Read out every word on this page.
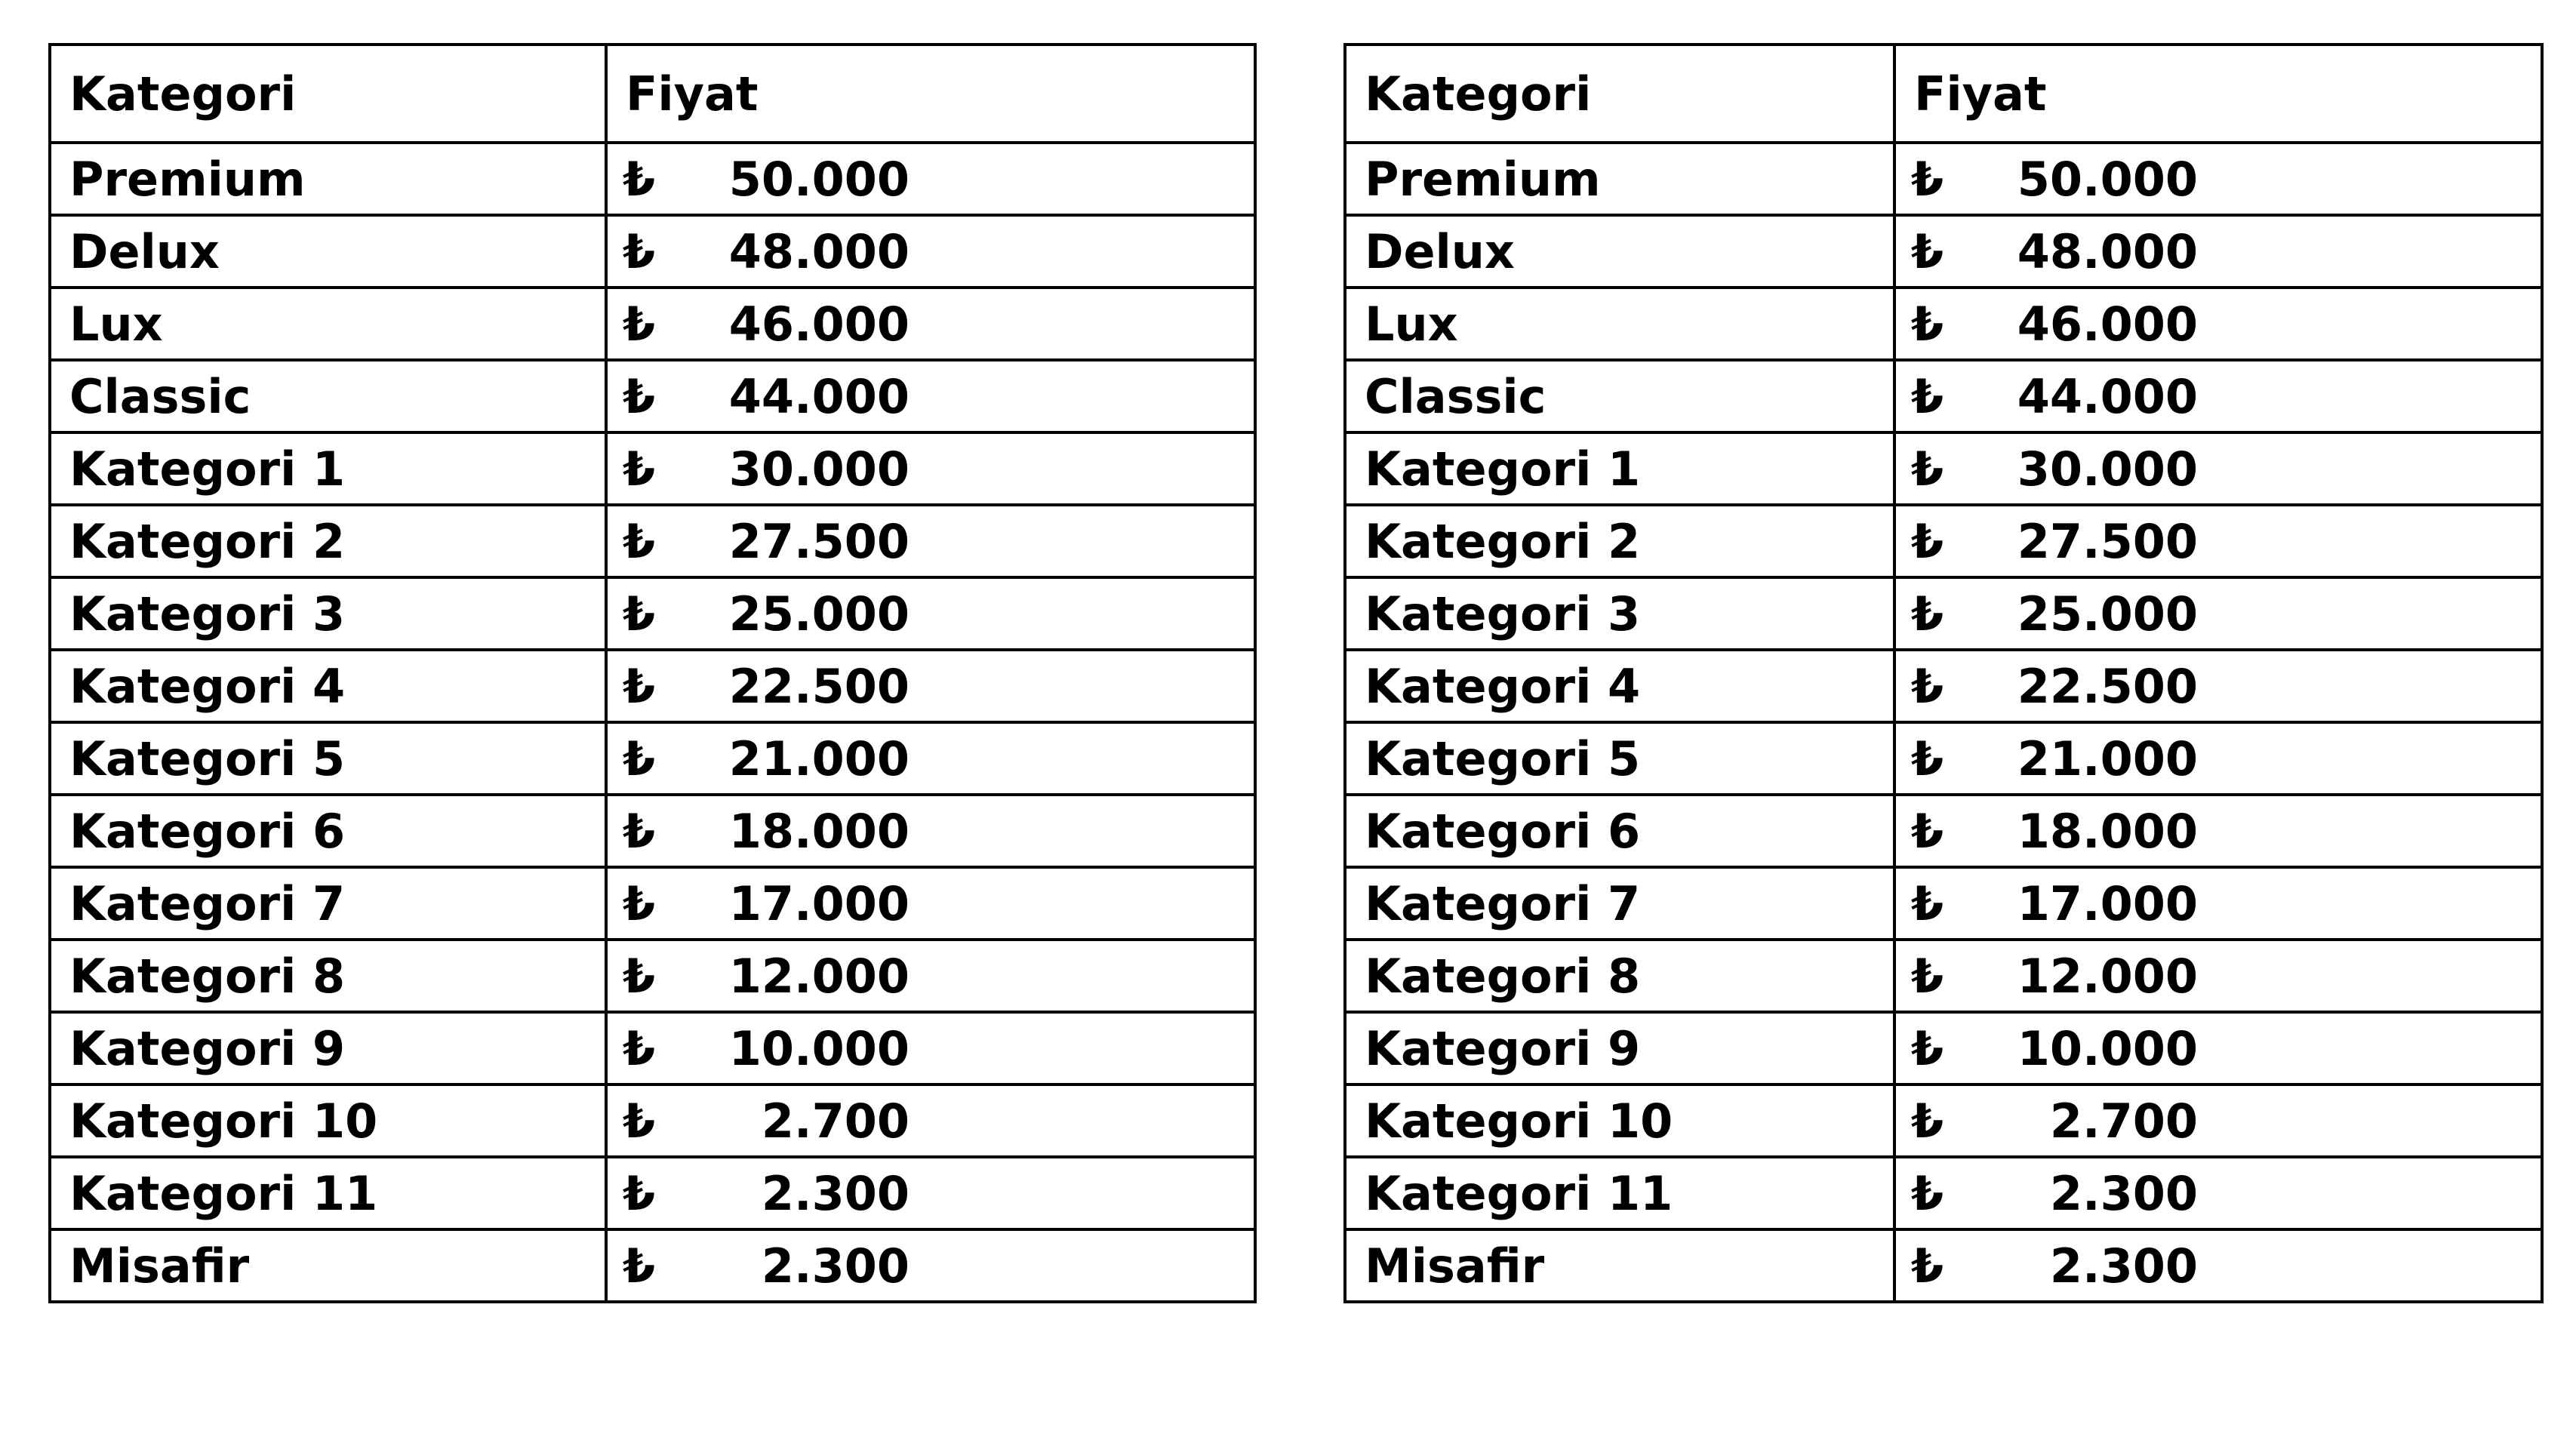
Kategori	Fiyat
Premium	₺ 50.000
Delux	₺ 48.000
Lux	₺ 46.000
Classic	₺ 44.000
Kategori 1	₺ 30.000
Kategori 2	₺ 27.500
Kategori 3	₺ 25.000
Kategori 4	₺ 22.500
Kategori 5	₺ 21.000
Kategori 6	₺ 18.000
Kategori 7	₺ 17.000
Kategori 8	₺ 12.000
Kategori 9	₺ 10.000
Kategori 10	₺ 2.700
Kategori 11	₺ 2.300
Misafir	₺ 2.300
Kategori	Fiyat
Premium	₺ 50.000
Delux	₺ 48.000
Lux	₺ 46.000
Classic	₺ 44.000
Kategori 1	₺ 30.000
Kategori 2	₺ 27.500
Kategori 3	₺ 25.000
Kategori 4	₺ 22.500
Kategori 5	₺ 21.000
Kategori 6	₺ 18.000
Kategori 7	₺ 17.000
Kategori 8	₺ 12.000
Kategori 9	₺ 10.000
Kategori 10	₺ 2.700
Kategori 11	₺ 2.300
Misafir	₺ 2.300
